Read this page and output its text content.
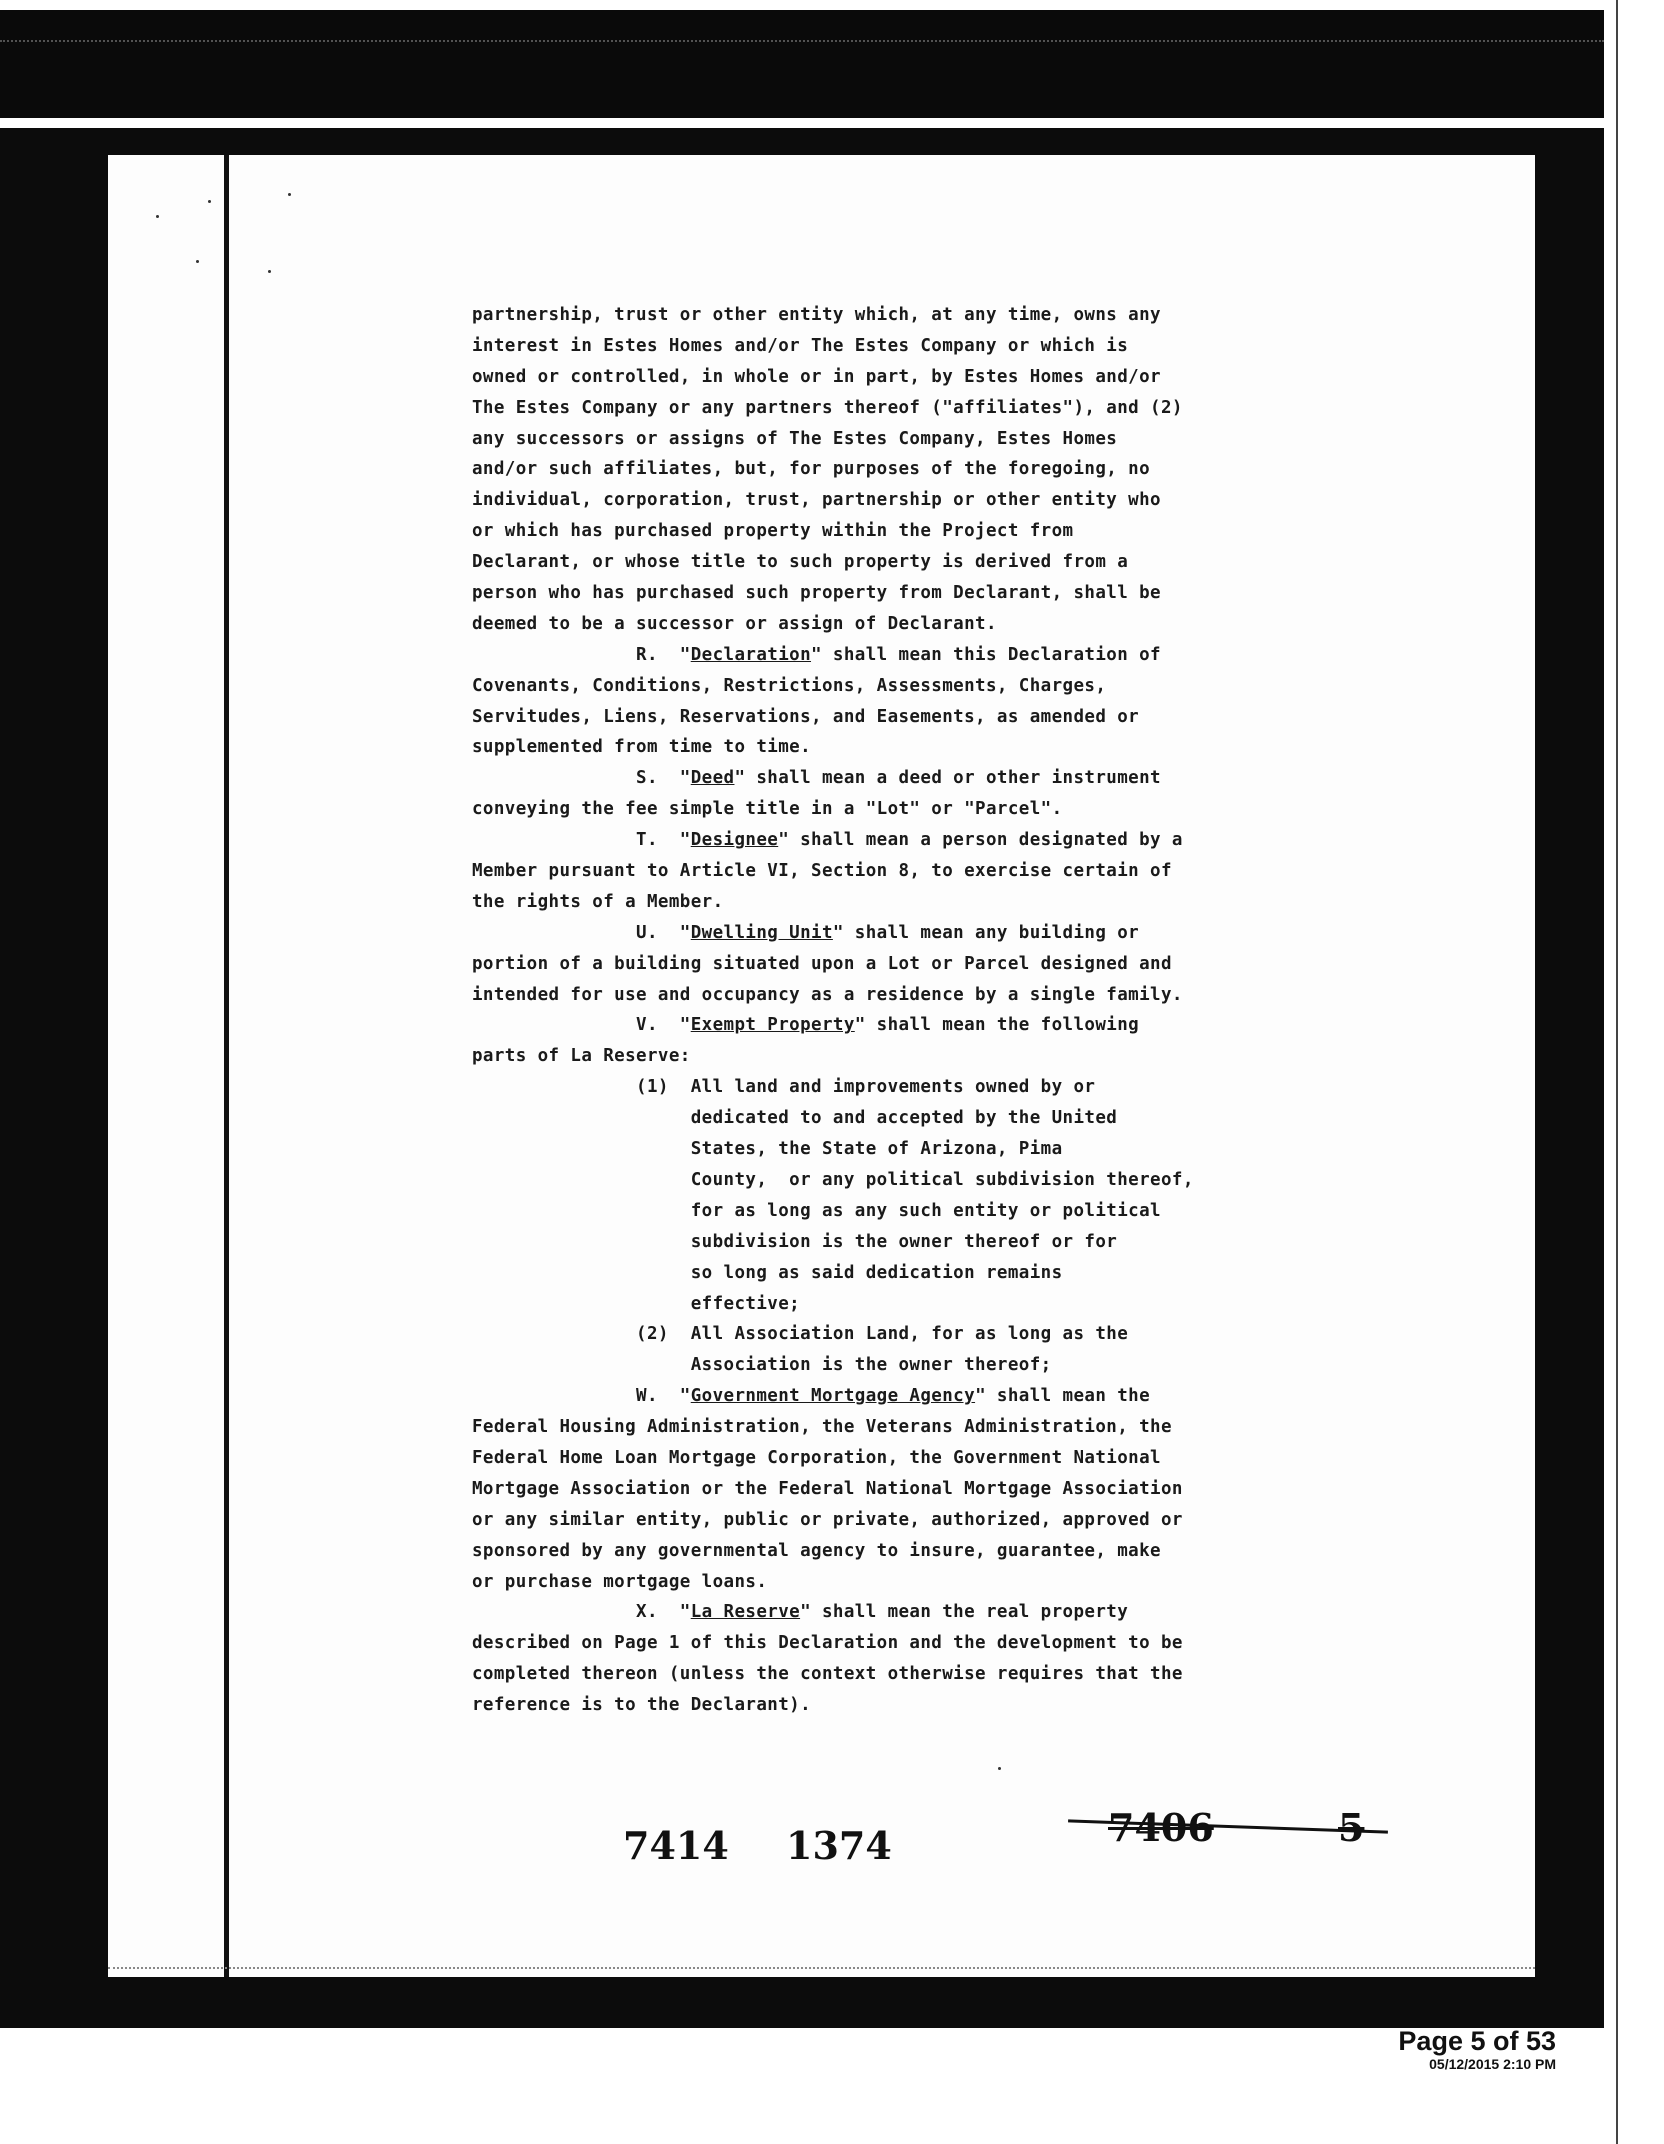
partnership, trust or other entity which, at any time, owns any
interest in Estes Homes and/or The Estes Company or which is
owned or controlled, in whole or in part, by Estes Homes and/or
The Estes Company or any partners thereof ("affiliates"), and (2)
any successors or assigns of The Estes Company, Estes Homes
and/or such affiliates, but, for purposes of the foregoing, no
individual, corporation, trust, partnership or other entity who
or which has purchased property within the Project from
Declarant, or whose title to such property is derived from a
person who has purchased such property from Declarant, shall be
deemed to be a successor or assign of Declarant.
R.  "Declaration" shall mean this Declaration of
Covenants, Conditions, Restrictions, Assessments, Charges,
Servitudes, Liens, Reservations, and Easements, as amended or
supplemented from time to time.
S.  "Deed" shall mean a deed or other instrument
conveying the fee simple title in a "Lot" or "Parcel".
T.  "Designee" shall mean a person designated by a
Member pursuant to Article VI, Section 8, to exercise certain of
the rights of a Member.
U.  "Dwelling Unit" shall mean any building or
portion of a building situated upon a Lot or Parcel designed and
intended for use and occupancy as a residence by a single family.
V.  "Exempt Property" shall mean the following
parts of La Reserve:
(1)  All land and improvements owned by or
dedicated to and accepted by the United
States, the State of Arizona, Pima
County,  or any political subdivision thereof,
for as long as any such entity or political
subdivision is the owner thereof or for
so long as said dedication remains
effective;
(2)  All Association Land, for as long as the
Association is the owner thereof;
W.  "Government Mortgage Agency" shall mean the
Federal Housing Administration, the Veterans Administration, the
Federal Home Loan Mortgage Corporation, the Government National
Mortgage Association or the Federal National Mortgage Association
or any similar entity, public or private, authorized, approved or
sponsored by any governmental agency to insure, guarantee, make
or purchase mortgage loans.
X.  "La Reserve" shall mean the real property
described on Page 1 of this Declaration and the development to be
completed thereon (unless the context otherwise requires that the
reference is to the Declarant).
7414 1374	7406	5
Page 5 of 53
05/12/2015 2:10 PM
